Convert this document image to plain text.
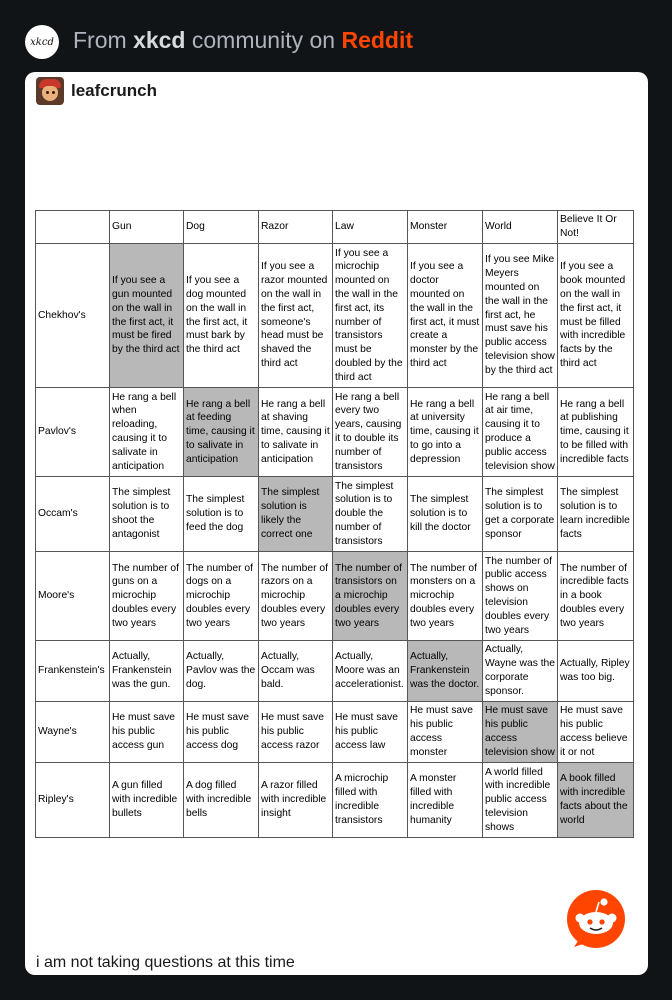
xkcd From xkcd community on Reddit
leafcrunch
	Gun	Dog	Razor	Law	Monster	World	Believe It Or Not!
Chekhov's	If you see a gun mounted on the wall in the first act, it must be fired by the third act	If you see a dog mounted on the wall in the first act, it must bark by the third act	If you see a razor mounted on the wall in the first act, someone's head must be shaved the third act	If you see a microchip mounted on the wall in the first act, its number of transistors must be doubled by the third act	If you see a doctor mounted on the wall in the first act, it must create a monster by the third act	If you see Mike Meyers mounted on the wall in the first act, he must save his public access television show by the third act	If you see a book mounted on the wall in the first act, it must be filled with incredible facts by the third act
Pavlov's	He rang a bell when reloading, causing it to salivate in anticipation	He rang a bell at feeding time, causing it to salivate in anticipation	He rang a bell at shaving time, causing it to salivate in anticipation	He rang a bell every two years, causing it to double its number of transistors	He rang a bell at university time, causing it to go into a depression	He rang a bell at air time, causing it to produce a public access television show	He rang a bell at publishing time, causing it to be filled with incredible facts
Occam's	The simplest solution is to shoot the antagonist	The simplest solution is to feed the dog	The simplest solution is likely the correct one	The simplest solution is to double the number of transistors	The simplest solution is to kill the doctor	The simplest solution is to get a corporate sponsor	The simplest solution is to learn incredible facts
Moore's	The number of guns on a microchip doubles every two years	The number of dogs on a microchip doubles every two years	The number of razors on a microchip doubles every two years	The number of transistors on a microchip doubles every two years	The number of monsters on a microchip doubles every two years	The number of public access shows on television doubles every two years	The number of incredible facts in a book doubles every two years
Frankenstein's	Actually, Frankenstein was the gun.	Actually, Pavlov was the dog.	Actually, Occam was bald.	Actually, Moore was an accelerationist.	Actually, Frankenstein was the doctor.	Actually, Wayne was the corporate sponsor.	Actually, Ripley was too big.
Wayne's	He must save his public access gun	He must save his public access dog	He must save his public access razor	He must save his public access law	He must save his public access monster	He must save his public access television show	He must save his public access believe it or not
Ripley's	A gun filled with incredible bullets	A dog filled with incredible bells	A razor filled with incredible insight	A microchip filled with incredible transistors	A monster filled with incredible humanity	A world filled with incredible public access television shows	A book filled with incredible facts about the world
i am not taking questions at this time
